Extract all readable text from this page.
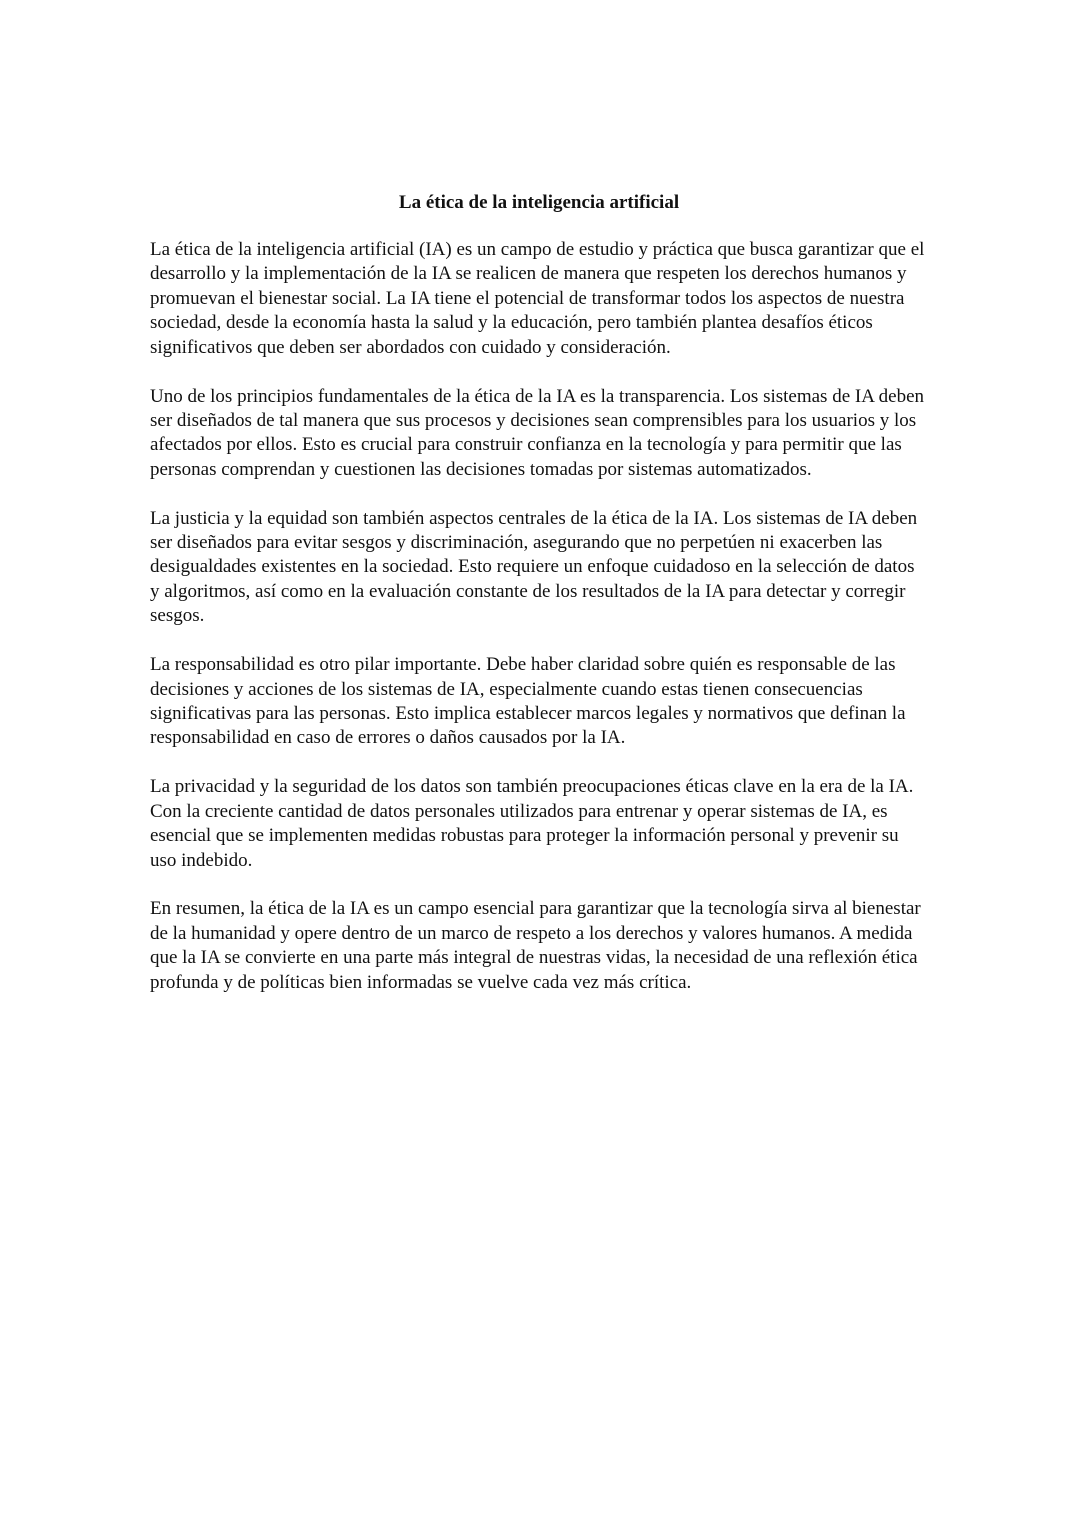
La ética de la inteligencia artificial

La ética de la inteligencia artificial (IA) es un campo de estudio y práctica que busca garantizar que el desarrollo y la implementación de la IA se realicen de manera que respeten los derechos humanos y promuevan el bienestar social. La IA tiene el potencial de transformar todos los aspectos de nuestra sociedad, desde la economía hasta la salud y la educación, pero también plantea desafíos éticos significativos que deben ser abordados con cuidado y consideración.

Uno de los principios fundamentales de la ética de la IA es la transparencia. Los sistemas de IA deben ser diseñados de tal manera que sus procesos y decisiones sean comprensibles para los usuarios y los afectados por ellos. Esto es crucial para construir confianza en la tecnología y para permitir que las personas comprendan y cuestionen las decisiones tomadas por sistemas automatizados.

La justicia y la equidad son también aspectos centrales de la ética de la IA. Los sistemas de IA deben ser diseñados para evitar sesgos y discriminación, asegurando que no perpetúen ni exacerben las desigualdades existentes en la sociedad. Esto requiere un enfoque cuidadoso en la selección de datos y algoritmos, así como en la evaluación constante de los resultados de la IA para detectar y corregir sesgos.

La responsabilidad es otro pilar importante. Debe haber claridad sobre quién es responsable de las decisiones y acciones de los sistemas de IA, especialmente cuando estas tienen consecuencias significativas para las personas. Esto implica establecer marcos legales y normativos que definan la responsabilidad en caso de errores o daños causados por la IA.

La privacidad y la seguridad de los datos son también preocupaciones éticas clave en la era de la IA. Con la creciente cantidad de datos personales utilizados para entrenar y operar sistemas de IA, es esencial que se implementen medidas robustas para proteger la información personal y prevenir su uso indebido.

En resumen, la ética de la IA es un campo esencial para garantizar que la tecnología sirva al bienestar de la humanidad y opere dentro de un marco de respeto a los derechos y valores humanos. A medida que la IA se convierte en una parte más integral de nuestras vidas, la necesidad de una reflexión ética profunda y de políticas bien informadas se vuelve cada vez más crítica.
